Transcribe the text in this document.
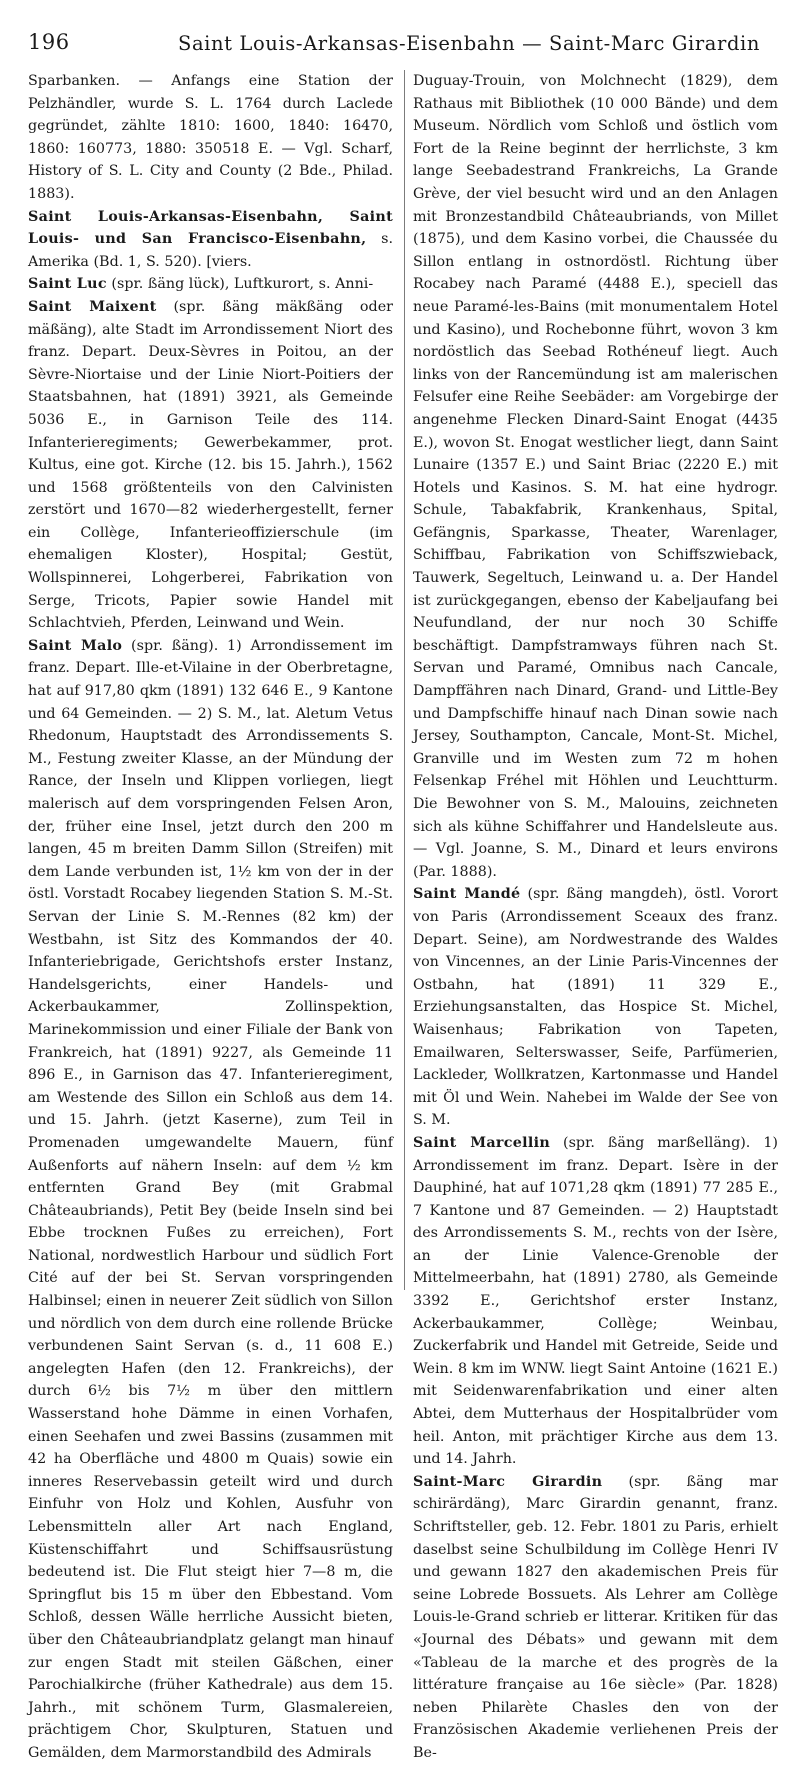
196	Saint Louis-Arkansas-Eisenbahn — Saint-Marc Girardin

Sparbanken. — Anfangs eine Station der Pelzhändler, wurde S. L. 1764 durch Laclede gegründet, zählte 1810: 1600, 1840: 16470, 1860: 160773, 1880: 350518 E. — Vgl. Scharf, History of S. L. City and County (2 Bde., Philad. 1883).

Saint Louis-Arkansas-Eisenbahn, Saint Louis- und San Francisco-Eisenbahn, s. Amerika (Bd. 1, S. 520). [viers.

Saint Luc (spr. ßäng lück), Luftkurort, s. Anni-

Saint Maixent (spr. ßäng mäkßäng oder mäßäng), alte Stadt im Arrondissement Niort des franz. Depart. Deux-Sèvres in Poitou, an der Sèvre-Niortaise und der Linie Niort-Poitiers der Staatsbahnen, hat (1891) 3921, als Gemeinde 5036 E., in Garnison Teile des 114. Infanterieregiments; Gewerbekammer, prot. Kultus, eine got. Kirche (12. bis 15. Jahrh.), 1562 und 1568 größtenteils von den Calvinisten zerstört und 1670—82 wiederhergestellt, ferner ein Collège, Infanterieoffizierschule (im ehemaligen Kloster), Hospital; Gestüt, Wollspinnerei, Lohgerberei, Fabrikation von Serge, Tricots, Papier sowie Handel mit Schlachtvieh, Pferden, Leinwand und Wein.

Saint Malo (spr. ßäng). 1) Arrondissement im franz. Depart. Ille-et-Vilaine in der Oberbretagne, hat auf 917,80 qkm (1891) 132 646 E., 9 Kantone und 64 Gemeinden. — 2) S. M., lat. Aletum Vetus Rhedonum, Hauptstadt des Arrondissements S. M., Festung zweiter Klasse, an der Mündung der Rance, der Inseln und Klippen vorliegen, liegt malerisch auf dem vorspringenden Felsen Aron, der, früher eine Insel, jetzt durch den 200 m langen, 45 m breiten Damm Sillon (Streifen) mit dem Lande verbunden ist, 1½ km von der in der östl. Vorstadt Rocabey liegenden Station S. M.-St. Servan der Linie S. M.-Rennes (82 km) der Westbahn, ist Sitz des Kommandos der 40. Infanteriebrigade, Gerichtshofs erster Instanz, Handelsgerichts, einer Handels- und Ackerbaukammer, Zollinspektion, Marinekommission und einer Filiale der Bank von Frankreich, hat (1891) 9227, als Gemeinde 11 896 E., in Garnison das 47. Infanterieregiment, am Westende des Sillon ein Schloß aus dem 14. und 15. Jahrh. (jetzt Kaserne), zum Teil in Promenaden umgewandelte Mauern, fünf Außenforts auf nähern Inseln: auf dem ½ km entfernten Grand Bey (mit Grabmal Châteaubriands), Petit Bey (beide Inseln sind bei Ebbe trocknen Fußes zu erreichen), Fort National, nordwestlich Harbour und südlich Fort Cité auf der bei St. Servan vorspringenden Halbinsel; einen in neuerer Zeit südlich von Sillon und nördlich von dem durch eine rollende Brücke verbundenen Saint Servan (s. d., 11 608 E.) angelegten Hafen (den 12. Frankreichs), der durch 6½ bis 7½ m über den mittlern Wasserstand hohe Dämme in einen Vorhafen, einen Seehafen und zwei Bassins (zusammen mit 42 ha Oberfläche und 4800 m Quais) sowie ein inneres Reservebassin geteilt wird und durch Einfuhr von Holz und Kohlen, Ausfuhr von Lebensmitteln aller Art nach England, Küstenschiffahrt und Schiffsausrüstung bedeutend ist. Die Flut steigt hier 7—8 m, die Springflut bis 15 m über den Ebbestand. Vom Schloß, dessen Wälle herrliche Aussicht bieten, über den Châteaubriandplatz gelangt man hinauf zur engen Stadt mit steilen Gäßchen, einer Parochialkirche (früher Kathedrale) aus dem 15. Jahrh., mit schönem Turm, Glasmalereien, prächtigem Chor, Skulpturen, Statuen und Gemälden, dem Marmorstandbild des Admirals

Duguay-Trouin, von Molchnecht (1829), dem Rathaus mit Bibliothek (10 000 Bände) und dem Museum. Nördlich vom Schloß und östlich vom Fort de la Reine beginnt der herrlichste, 3 km lange Seebadestrand Frankreichs, La Grande Grève, der viel besucht wird und an den Anlagen mit Bronzestandbild Châteaubriands, von Millet (1875), und dem Kasino vorbei, die Chaussée du Sillon entlang in ostnordöstl. Richtung über Rocabey nach Paramé (4488 E.), speciell das neue Paramé-les-Bains (mit monumentalem Hotel und Kasino), und Rochebonne führt, wovon 3 km nordöstlich das Seebad Rothéneuf liegt. Auch links von der Rancemündung ist am malerischen Felsufer eine Reihe Seebäder: am Vorgebirge der angenehme Flecken Dinard-Saint Enogat (4435 E.), wovon St. Enogat westlicher liegt, dann Saint Lunaire (1357 E.) und Saint Briac (2220 E.) mit Hotels und Kasinos. S. M. hat eine hydrogr. Schule, Tabakfabrik, Krankenhaus, Spital, Gefängnis, Sparkasse, Theater, Warenlager, Schiffbau, Fabrikation von Schiffszwieback, Tauwerk, Segeltuch, Leinwand u. a. Der Handel ist zurückgegangen, ebenso der Kabeljaufang bei Neufundland, der nur noch 30 Schiffe beschäftigt. Dampfstramways führen nach St. Servan und Paramé, Omnibus nach Cancale, Dampffähren nach Dinard, Grand- und Little-Bey und Dampfschiffe hinauf nach Dinan sowie nach Jersey, Southampton, Cancale, Mont-St. Michel, Granville und im Westen zum 72 m hohen Felsenkap Fréhel mit Höhlen und Leuchtturm. Die Bewohner von S. M., Malouins, zeichneten sich als kühne Schiffahrer und Handelsleute aus. — Vgl. Joanne, S. M., Dinard et leurs environs (Par. 1888).

Saint Mandé (spr. ßäng mangdeh), östl. Vorort von Paris (Arrondissement Sceaux des franz. Depart. Seine), am Nordwestrande des Waldes von Vincennes, an der Linie Paris-Vincennes der Ostbahn, hat (1891) 11 329 E., Erziehungsanstalten, das Hospice St. Michel, Waisenhaus; Fabrikation von Tapeten, Emailwaren, Selterswasser, Seife, Parfümerien, Lackleder, Wollkratzen, Kartonmasse und Handel mit Öl und Wein. Nahebei im Walde der See von S. M.

Saint Marcellin (spr. ßäng marßelläng). 1) Arrondissement im franz. Depart. Isère in der Dauphiné, hat auf 1071,28 qkm (1891) 77 285 E., 7 Kantone und 87 Gemeinden. — 2) Hauptstadt des Arrondissements S. M., rechts von der Isère, an der Linie Valence-Grenoble der Mittelmeerbahn, hat (1891) 2780, als Gemeinde 3392 E., Gerichtshof erster Instanz, Ackerbaukammer, Collège; Weinbau, Zuckerfabrik und Handel mit Getreide, Seide und Wein. 8 km im WNW. liegt Saint Antoine (1621 E.) mit Seidenwarenfabrikation und einer alten Abtei, dem Mutterhaus der Hospitalbrüder vom heil. Anton, mit prächtiger Kirche aus dem 13. und 14. Jahrh.

Saint-Marc Girardin (spr. ßäng mar schirärdäng), Marc Girardin genannt, franz. Schriftsteller, geb. 12. Febr. 1801 zu Paris, erhielt daselbst seine Schulbildung im Collège Henri IV und gewann 1827 den akademischen Preis für seine Lobrede Bossuets. Als Lehrer am Collège Louis-le-Grand schrieb er litterar. Kritiken für das «Journal des Débats» und gewann mit dem «Tableau de la marche et des progrès de la littérature française au 16e siècle» (Par. 1828) neben Philarète Chasles den von der Französischen Akademie verliehenen Preis der Be-
